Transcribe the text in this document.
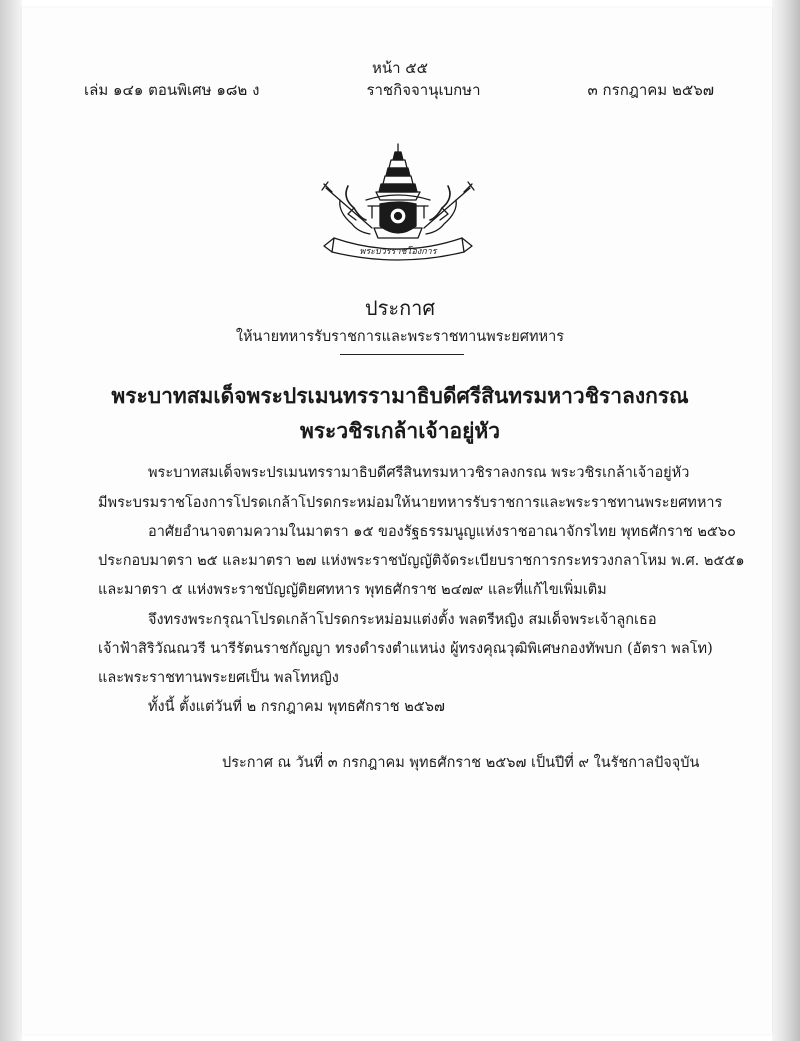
หน้า ๕๕
เล่ม ๑๔๑ ตอนพิเศษ ๑๘๒ ง	ราชกิจจานุเบกษา	๓ กรกฎาคม ๒๕๖๗
พระบวรราชโองการ
ประกาศ
ให้นายทหารรับราชการและพระราชทานพระยศทหาร
พระบาทสมเด็จพระปรเมนทรรามาธิบดีศรีสินทรมหาวชิราลงกรณ
พระวชิรเกล้าเจ้าอยู่หัว
พระบาทสมเด็จพระปรเมนทรรามาธิบดีศรีสินทรมหาวชิราลงกรณ พระวชิรเกล้าเจ้าอยู่หัว
มีพระบรมราชโองการโปรดเกล้าโปรดกระหม่อมให้นายทหารรับราชการและพระราชทานพระยศทหาร
อาศัยอำนาจตามความในมาตรา ๑๕ ของรัฐธรรมนูญแห่งราชอาณาจักรไทย พุทธศักราช ๒๕๖๐
ประกอบมาตรา ๒๕ และมาตรา ๒๗ แห่งพระราชบัญญัติจัดระเบียบราชการกระทรวงกลาโหม พ.ศ. ๒๕๕๑
และมาตรา ๕ แห่งพระราชบัญญัติยศทหาร พุทธศักราช ๒๔๗๙ และที่แก้ไขเพิ่มเติม
จึงทรงพระกรุณาโปรดเกล้าโปรดกระหม่อมแต่งตั้ง พลตรีหญิง สมเด็จพระเจ้าลูกเธอ
เจ้าฟ้าสิริวัณณวรี นารีรัตนราชกัญญา ทรงดำรงตำแหน่ง ผู้ทรงคุณวุฒิพิเศษกองทัพบก (อัตรา พลโท)
และพระราชทานพระยศเป็น พลโทหญิง
ทั้งนี้ ตั้งแต่วันที่ ๒ กรกฎาคม พุทธศักราช ๒๕๖๗
ประกาศ ณ วันที่ ๓ กรกฎาคม พุทธศักราช ๒๕๖๗ เป็นปีที่ ๙ ในรัชกาลปัจจุบัน
